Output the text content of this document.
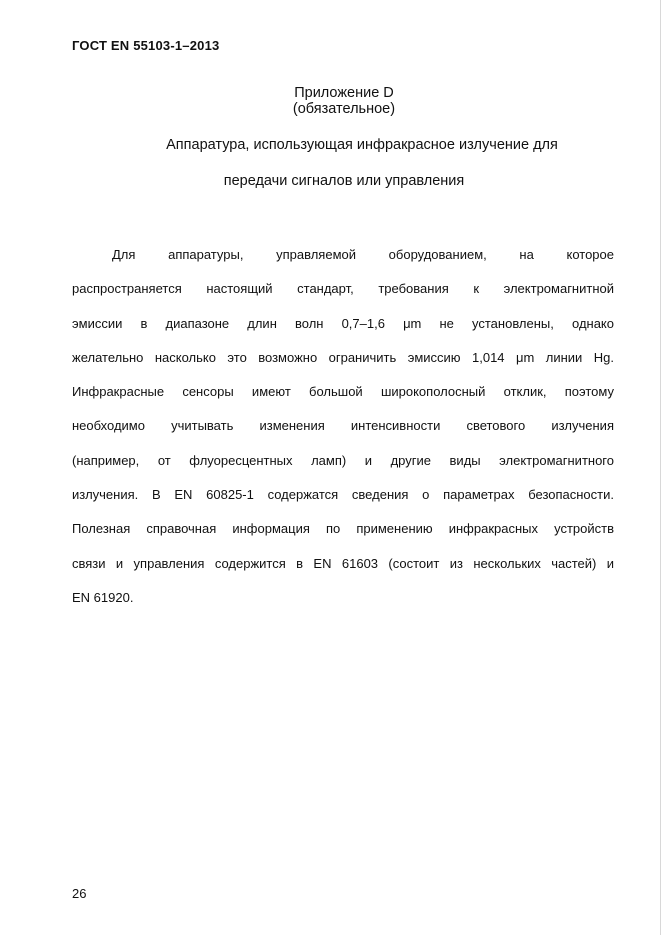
ГОСТ EN 55103-1–2013
Приложение D
(обязательное)
Аппаратура, использующая инфракрасное излучение для
передачи сигналов или управления
Для аппаратуры, управляемой оборудованием, на которое
распространяется настоящий стандарт, требования к электромагнитной
эмиссии в диапазоне длин волн 0,7–1,6 μm не установлены, однако
желательно насколько это возможно ограничить эмиссию 1,014 μm линии Hg.
Инфракрасные сенсоры имеют большой широкополосный отклик, поэтому
необходимо учитывать изменения интенсивности светового излучения
(например, от флуоресцентных ламп) и другие виды электромагнитного
излучения. В EN 60825-1 содержатся сведения о параметрах безопасности.
Полезная справочная информация по применению инфракрасных устройств
связи и управления содержится в EN 61603 (состоит из нескольких частей) и
EN 61920.
26
